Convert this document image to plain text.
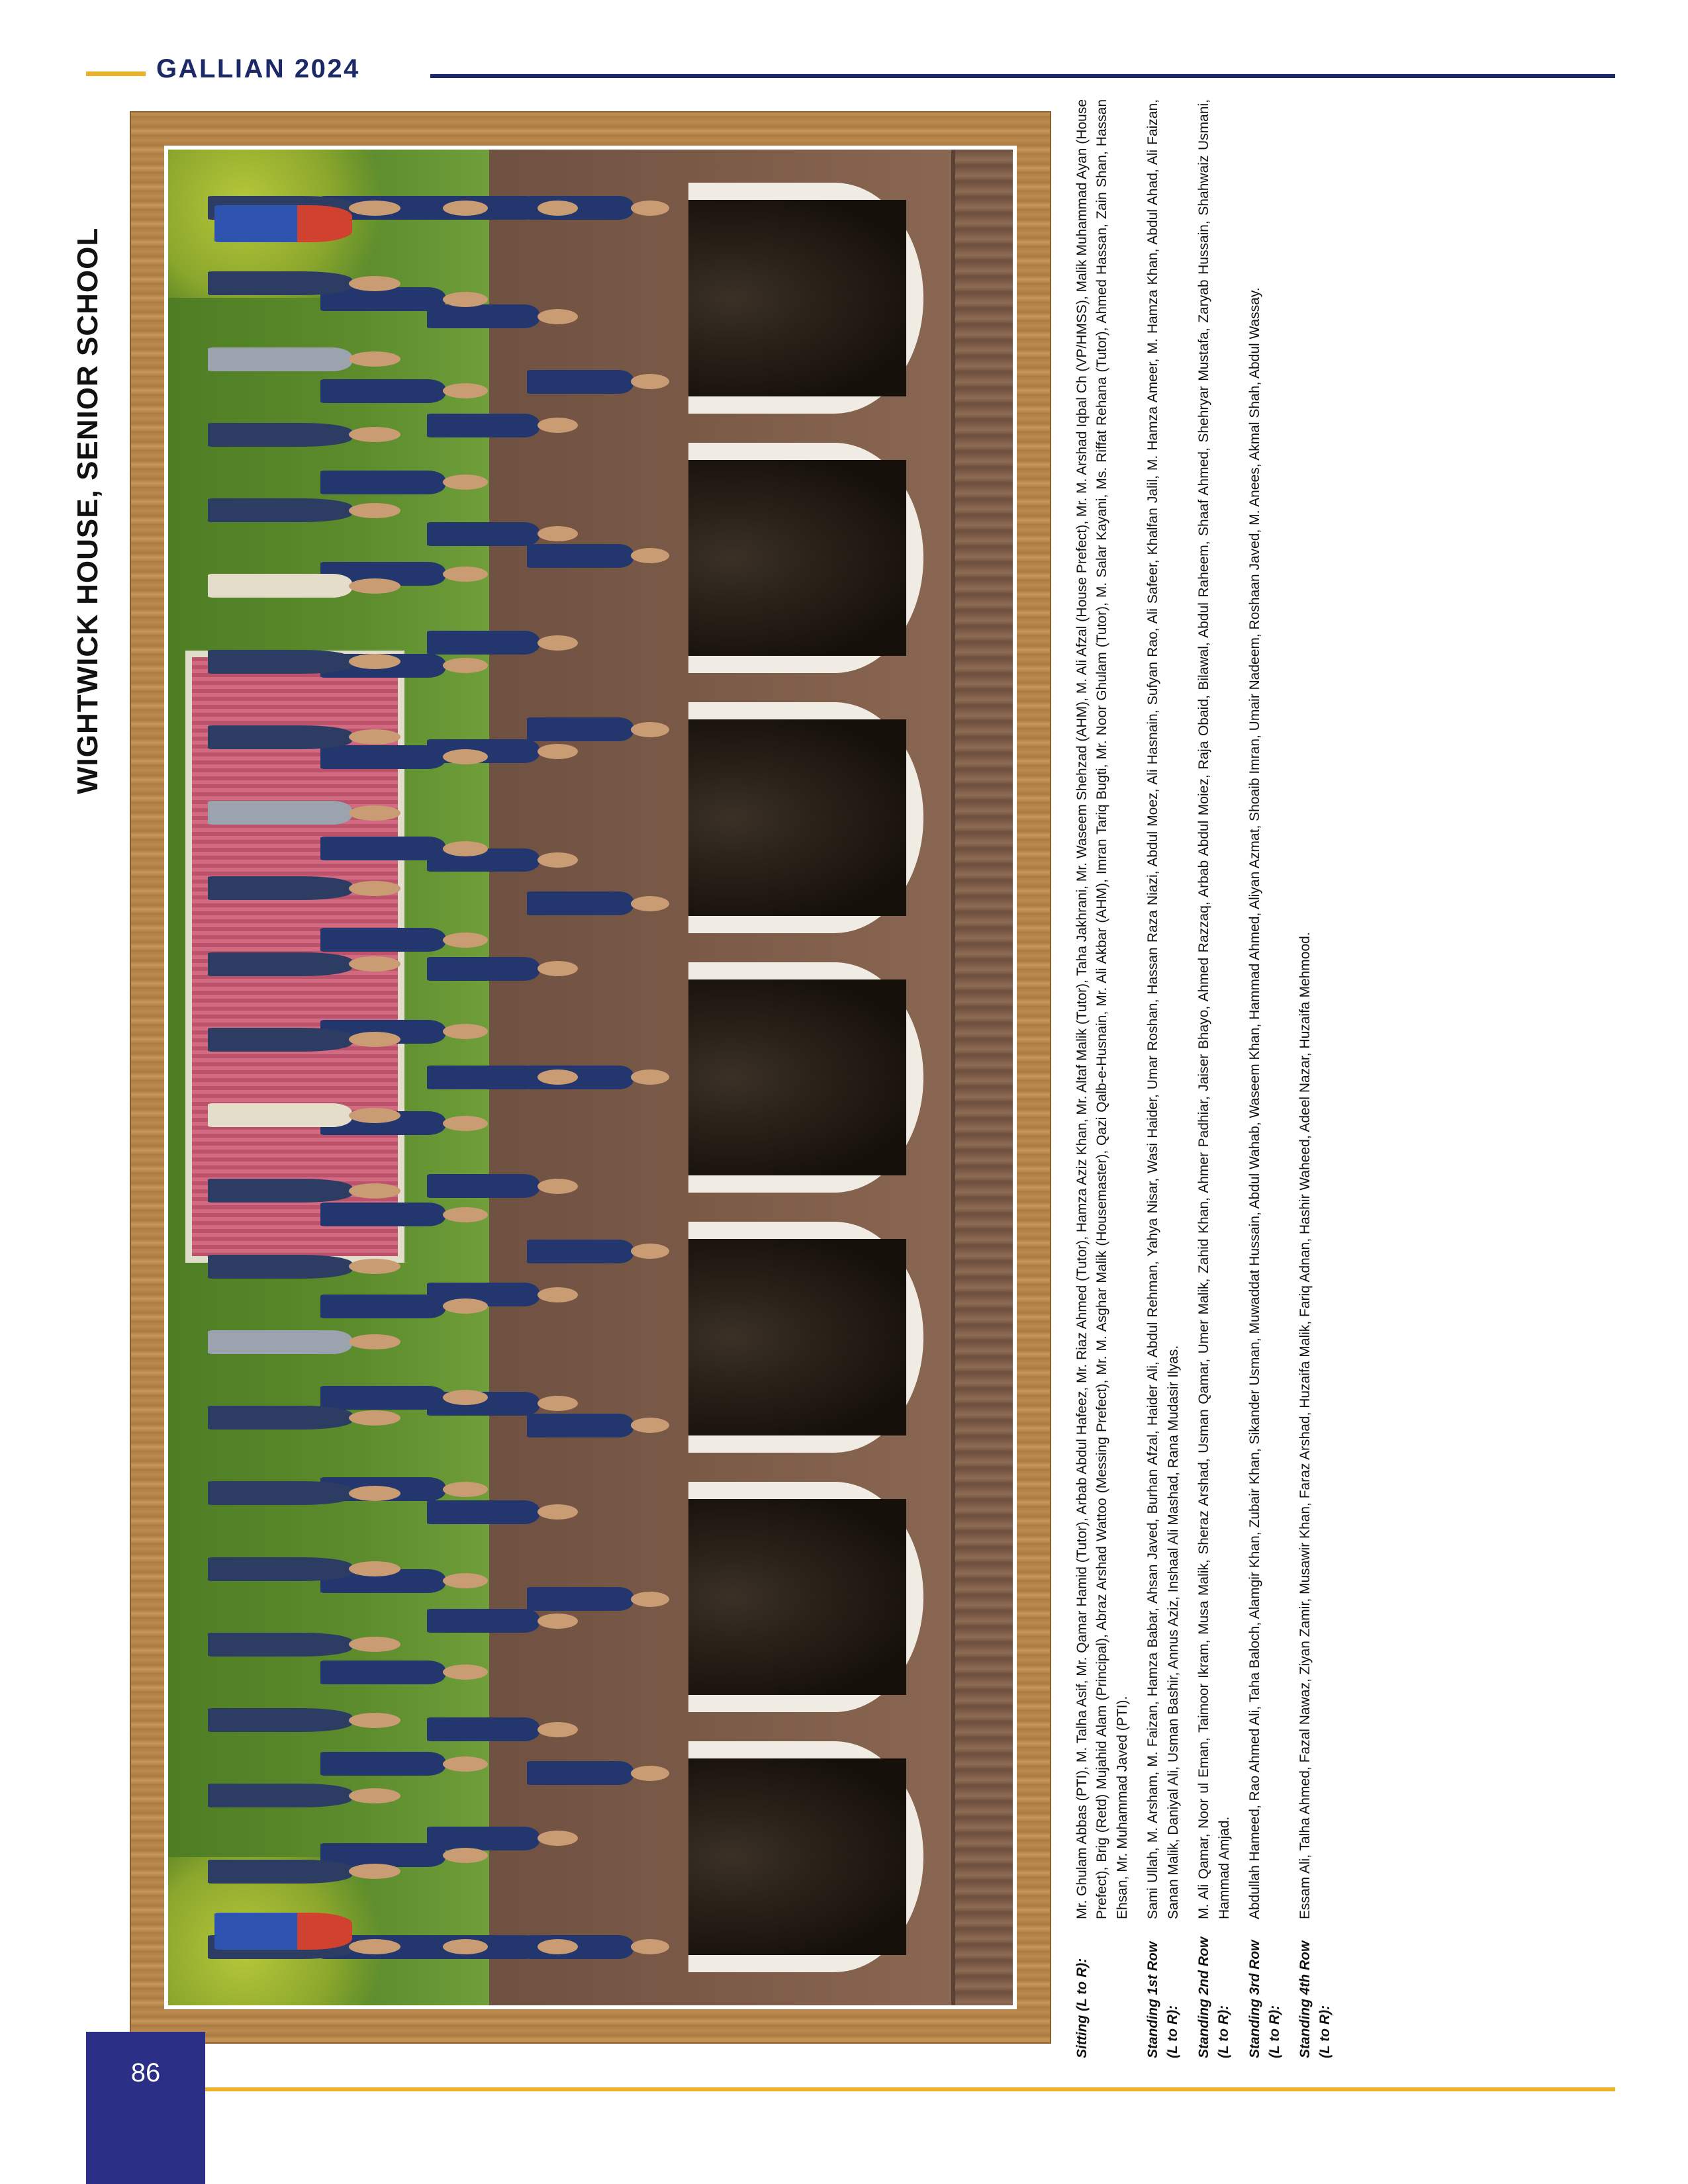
GALLIAN 2024
WIGHTWICK HOUSE, SENIOR SCHOOL
Sitting (L to R):
Mr. Ghulam Abbas (PTI), M. Talha Asif, Mr. Qamar Hamid (Tutor), Arbab Abdul Hafeez, Mr. Riaz Ahmed (Tutor), Hamza Aziz Khan, Mr. Altaf Malik (Tutor), Taha Jakhrani, Mr. Waseem Shehzad (AHM), M. Ali Afzal (House Prefect), Mr. M. Arshad Iqbal Ch (VP/HMSS), Malik Muhammad Ayan (House Prefect), Brig (Retd) Mujahid Alam (Principal), Abraz Arshad Wattoo (Messing Prefect), Mr. M. Asghar Malik (Housemaster), Qazi Qalb-e-Husnain, Mr. Ali Akbar (AHM), Imran Tariq Bugti, Mr. Noor Ghulam (Tutor), M. Salar Kayani, Ms. Riffat Rehana (Tutor), Ahmed Hassan, Zain Shan, Hassan Ehsan, Mr. Muhammad Javed (PTI).
Standing 1st Row (L to R):
Sami Ullah, M. Arsham, M. Faizan, Hamza Babar, Ahsan Javed, Burhan Afzal, Haider Ali, Abdul Rehman, Yahya Nisar, Wasi Haider, Umar Roshan, Hassan Raza Niazi, Abdul Moez, Ali Hasnain, Sufyan Rao, Ali Safeer, Khalfan Jalil, M. Hamza Ameer, M. Hamza Khan, Abdul Ahad, Ali Faizan, Sanan Malik, Daniyal Ali, Usman Bashir, Annus Aziz, Inshaal Ali Mashad, Rana Mudasir Ilyas.
Standing 2nd Row (L to R):
M. Ali Qamar, Noor ul Eman, Taimoor Ikram, Musa Malik, Sheraz Arshad, Usman Qamar, Umer Malik, Zahid Khan, Ahmer Padhiar, Jaiser Bhayo, Ahmed Razzaq, Arbab Abdul Moiez, Raja Obaid, Bilawal, Abdul Raheem, Shaaf Ahmed, Shehryar Mustafa, Zaryab Hussain, Shahwaiz Usmani, Hammad Amjad.
Standing 3rd Row (L to R):
Abdullah Hameed, Rao Ahmed Ali, Taha Baloch, Alamgir Khan, Zubair Khan, Sikander Usman, Muwaddat Hussain, Abdul Wahab, Waseem Khan, Hammad Ahmed, Aliyan Azmat, Shoaib Imran, Umair Nadeem, Roshaan Javed, M. Anees, Akmal Shah, Abdul Wassay.
Standing 4th Row (L to R):
Essam Ali, Talha Ahmed, Fazal Nawaz, Ziyan Zamir, Musawir Khan, Faraz Arshad, Huzaifa Malik, Fariq Adnan, Hashir Waheed, Adeel Nazar, Huzaifa Mehmood.
86
